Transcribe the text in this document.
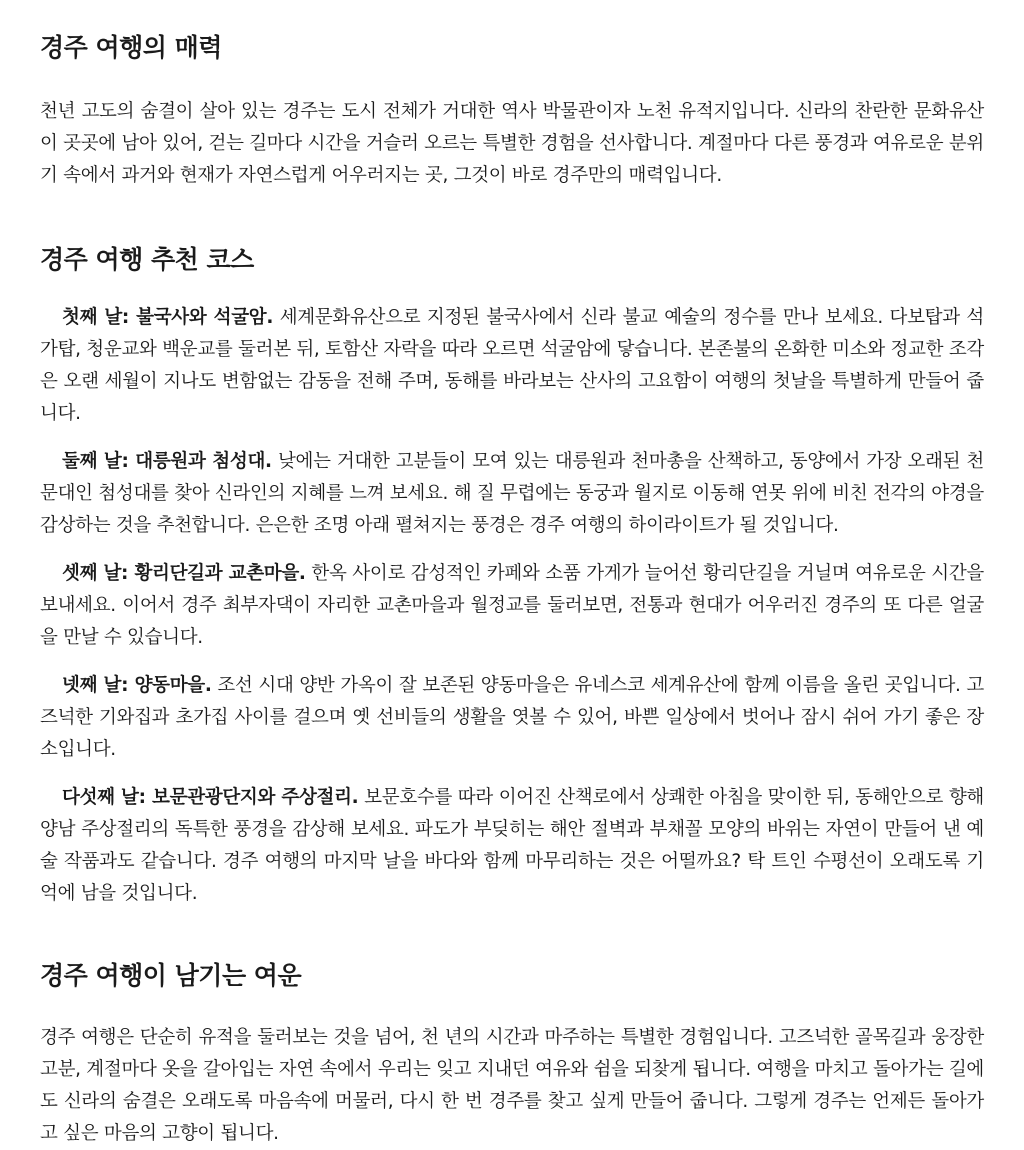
경주 여행의 매력

천년 고도의 숨결이 살아 있는 경주는 도시 전체가 거대한 역사 박물관이자 노천 유적지입니다. 신라의 찬란한 문화유산이 곳곳에 남아 있어, 걷는 길마다 시간을 거슬러 오르는 특별한 경험을 선사합니다. 계절마다 다른 풍경과 여유로운 분위기 속에서 과거와 현재가 자연스럽게 어우러지는 곳, 그것이 바로 경주만의 매력입니다.

경주 여행 추천 코스

첫째 날: 불국사와 석굴암. 세계문화유산으로 지정된 불국사에서 신라 불교 예술의 정수를 만나 보세요. 다보탑과 석가탑, 청운교와 백운교를 둘러본 뒤, 토함산 자락을 따라 오르면 석굴암에 닿습니다. 본존불의 온화한 미소와 정교한 조각은 오랜 세월이 지나도 변함없는 감동을 전해 주며, 동해를 바라보는 산사의 고요함이 여행의 첫날을 특별하게 만들어 줍니다.

둘째 날: 대릉원과 첨성대. 낮에는 거대한 고분들이 모여 있는 대릉원과 천마총을 산책하고, 동양에서 가장 오래된 천문대인 첨성대를 찾아 신라인의 지혜를 느껴 보세요. 해 질 무렵에는 동궁과 월지로 이동해 연못 위에 비친 전각의 야경을 감상하는 것을 추천합니다. 은은한 조명 아래 펼쳐지는 풍경은 경주 여행의 하이라이트가 될 것입니다.

셋째 날: 황리단길과 교촌마을. 한옥 사이로 감성적인 카페와 소품 가게가 늘어선 황리단길을 거닐며 여유로운 시간을 보내세요. 이어서 경주 최부자댁이 자리한 교촌마을과 월정교를 둘러보면, 전통과 현대가 어우러진 경주의 또 다른 얼굴을 만날 수 있습니다.

넷째 날: 양동마을. 조선 시대 양반 가옥이 잘 보존된 양동마을은 유네스코 세계유산에 함께 이름을 올린 곳입니다. 고즈넉한 기와집과 초가집 사이를 걸으며 옛 선비들의 생활을 엿볼 수 있어, 바쁜 일상에서 벗어나 잠시 쉬어 가기 좋은 장소입니다.

다섯째 날: 보문관광단지와 주상절리. 보문호수를 따라 이어진 산책로에서 상쾌한 아침을 맞이한 뒤, 동해안으로 향해 양남 주상절리의 독특한 풍경을 감상해 보세요. 파도가 부딪히는 해안 절벽과 부채꼴 모양의 바위는 자연이 만들어 낸 예술 작품과도 같습니다. 경주 여행의 마지막 날을 바다와 함께 마무리하는 것은 어떨까요? 탁 트인 수평선이 오래도록 기억에 남을 것입니다.

경주 여행이 남기는 여운

경주 여행은 단순히 유적을 둘러보는 것을 넘어, 천 년의 시간과 마주하는 특별한 경험입니다. 고즈넉한 골목길과 웅장한 고분, 계절마다 옷을 갈아입는 자연 속에서 우리는 잊고 지내던 여유와 쉼을 되찾게 됩니다. 여행을 마치고 돌아가는 길에도 신라의 숨결은 오래도록 마음속에 머물러, 다시 한 번 경주를 찾고 싶게 만들어 줍니다. 그렇게 경주는 언제든 돌아가고 싶은 마음의 고향이 됩니다.
